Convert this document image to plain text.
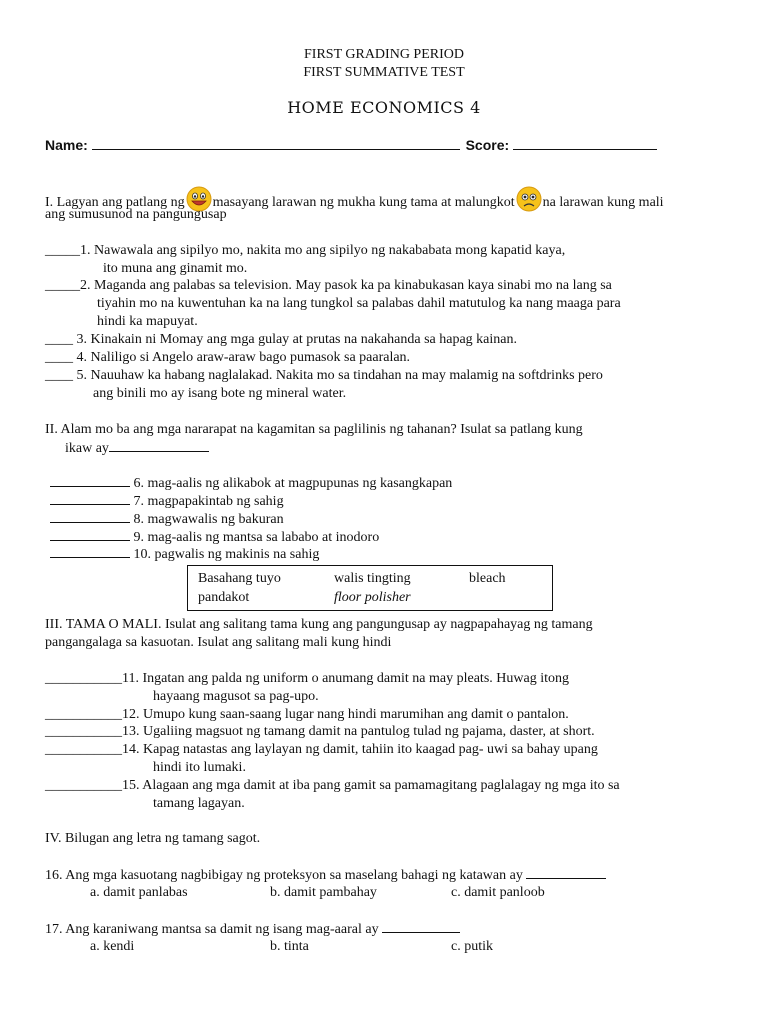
FIRST GRADING PERIOD
FIRST SUMMATIVE TEST
HOME ECONOMICS 4
Name:	Score:
I. Lagyan ang patlang ng masayang larawan ng mukha kung tama at malungkot na larawan kung mali
ang sumusunod na pangungusap
_____1. Nawawala ang sipilyo mo, nakita mo ang sipilyo ng nakababata mong kapatid kaya,
ito muna ang ginamit mo.
_____2. Maganda ang palabas sa television. May pasok ka pa kinabukasan kaya sinabi mo na lang sa
tiyahin mo na kuwentuhan ka na lang tungkol sa palabas dahil matutulog ka nang maaga para
hindi ka mapuyat.
____ 3. Kinakain ni Momay ang mga gulay at prutas na nakahanda sa hapag kainan.
____ 4. Naliligo si Angelo araw-araw bago pumasok sa paaralan.
____ 5. Nauuhaw ka habang naglalakad. Nakita mo sa tindahan na may malamig na softdrinks pero
ang binili mo ay isang bote ng mineral water.
II. Alam mo ba ang mga nararapat na kagamitan sa paglilinis ng tahanan? Isulat sa patlang kung
ikaw ay
6. mag-aalis ng alikabok at magpupunas ng kasangkapan
7. magpapakintab ng sahig
8. magwawalis ng bakuran
9. mag-aalis ng mantsa sa lababo at inodoro
10. pagwalis ng makinis na sahig
Basahang tuyo	walis tingting	bleach
pandakot	floor polisher
III. TAMA O MALI. Isulat ang salitang tama kung ang pangungusap ay nagpapahayag ng tamang
pangangalaga sa kasuotan. Isulat ang salitang mali kung hindi
___________11. Ingatan ang palda ng uniform o anumang damit na may pleats. Huwag itong
hayaang magusot sa pag-upo.
___________12. Umupo kung saan-saang lugar nang hindi marumihan ang damit o pantalon.
___________13. Ugaliing magsuot ng tamang damit na pantulog tulad ng pajama, daster, at short.
___________14. Kapag natastas ang laylayan ng damit, tahiin ito kaagad pag- uwi sa bahay upang
hindi ito lumaki.
___________15. Alagaan ang mga damit at iba pang gamit sa pamamagitang paglalagay ng mga ito sa
tamang lagayan.
IV. Bilugan ang letra ng tamang sagot.
16. Ang mga kasuotang nagbibigay ng proteksyon sa maselang bahagi ng katawan ay
a. damit panlabas	b. damit pambahay	c. damit panloob
17. Ang karaniwang mantsa sa damit ng isang mag-aaral ay
a. kendi	b. tinta	c. putik
